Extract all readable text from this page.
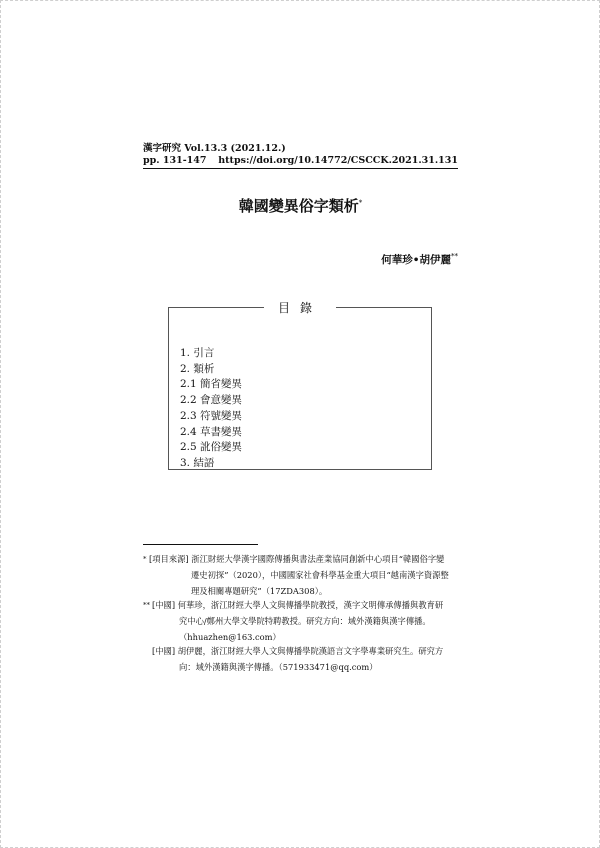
漢字研究 Vol.13.3 (2021.12.)
pp. 131-147 https://doi.org/10.14772/CSCCK.2021.31.131
韓國變異俗字類析*
何華珍•胡伊麗**
目錄
1. 引言
2. 類析
2.1 簡省變異
2.2 會意變異
2.3 符號變異
2.4 草書變異
2.5 訛俗變異
3. 結語
* [項目來源] 浙江財經大學漢字國際傳播與書法產業協同創新中心項目“韓國俗字變
遷史初探”（2020），中國國家社會科學基金重大項目“越南漢字資源整
理及相關專題研究”（17ZDA308）。
** [中國] 何華珍，浙江財經大學人文與傳播學院教授，漢字文明傳承傳播與教育研
究中心/鄭州大學文學院特聘教授。研究方向：域外漢籍與漢字傳播。
（hhuazhen@163.com）
[中國] 胡伊麗，浙江財經大學人文與傳播學院漢語言文字學專業研究生。研究方
向：域外漢籍與漢字傳播。（571933471@qq.com）
